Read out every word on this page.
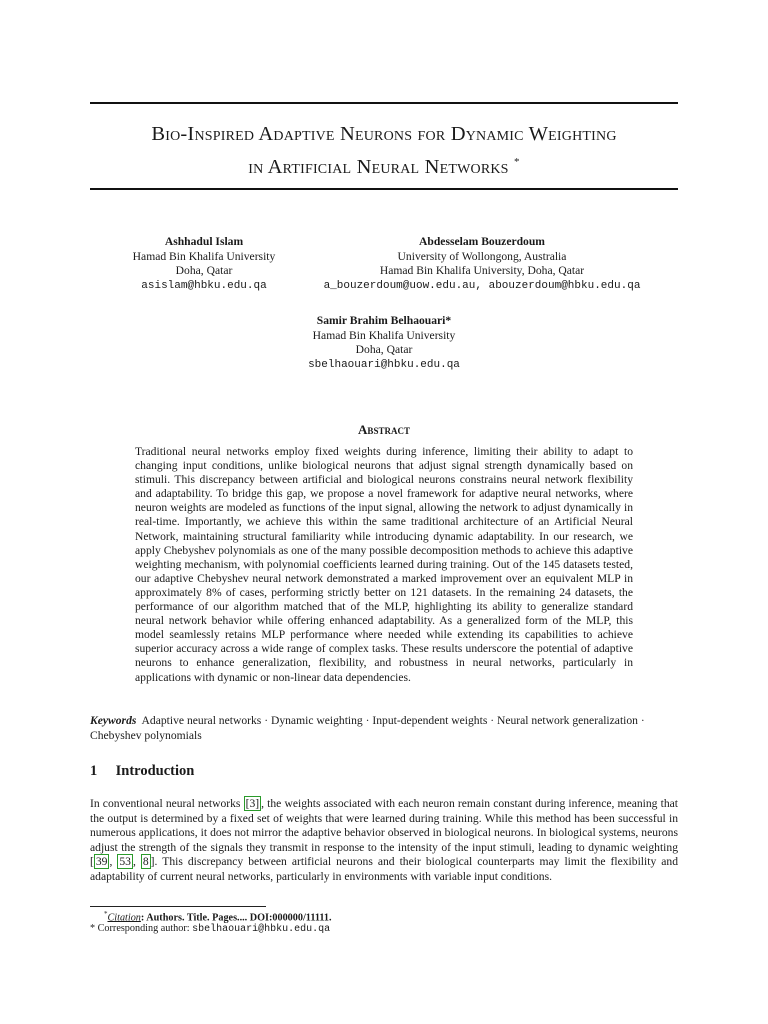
Bio-Inspired Adaptive Neurons for Dynamic Weighting
in Artificial Neural Networks *
Ashhadul Islam
Hamad Bin Khalifa University
Doha, Qatar
asislam@hbku.edu.qa
Abdesselam Bouzerdoum
University of Wollongong, Australia
Hamad Bin Khalifa University, Doha, Qatar
a_bouzerdoum@uow.edu.au, abouzerdoum@hbku.edu.qa
Samir Brahim Belhaouari*
Hamad Bin Khalifa University
Doha, Qatar
sbelhaouari@hbku.edu.qa
Abstract

Traditional neural networks employ fixed weights during inference, limiting their ability to adapt to changing input conditions, unlike biological neurons that adjust signal strength dynamically based on stimuli. This discrepancy between artificial and biological neurons constrains neural network flexibility and adaptability. To bridge this gap, we propose a novel framework for adaptive neural networks, where neuron weights are modeled as functions of the input signal, allowing the network to adjust dynamically in real-time. Importantly, we achieve this within the same traditional architecture of an Artificial Neural Network, maintaining structural familiarity while introducing dynamic adaptability. In our research, we apply Chebyshev polynomials as one of the many possible decomposition methods to achieve this adaptive weighting mechanism, with polynomial coefficients learned during training. Out of the 145 datasets tested, our adaptive Chebyshev neural network demonstrated a marked improvement over an equivalent MLP in approximately 8% of cases, performing strictly better on 121 datasets. In the remaining 24 datasets, the performance of our algorithm matched that of the MLP, highlighting its ability to generalize standard neural network behavior while offering enhanced adaptability. As a generalized form of the MLP, this model seamlessly retains MLP performance where needed while extending its capabilities to achieve superior accuracy across a wide range of complex tasks. These results underscore the potential of adaptive neurons to enhance generalization, flexibility, and robustness in neural networks, particularly in applications with dynamic or non-linear data dependencies.

Keywords Adaptive neural networks · Dynamic weighting · Input-dependent weights · Neural network generalization · Chebyshev polynomials

1 Introduction

In conventional neural networks [3] , the weights associated with each neuron remain constant during inference, meaning that the output is determined by a fixed set of weights that were learned during training. While this method has been successful in numerous applications, it does not mirror the adaptive behavior observed in biological neurons. In biological systems, neurons adjust the strength of the signals they transmit in response to the intensity of the input stimuli, leading to dynamic weighting [ 39 , 53 , 8 ]. This discrepancy between artificial neurons and their biological counterparts may limit the flexibility and adaptability of current neural networks, particularly in environments with variable input conditions.

*Citation: Authors. Title. Pages.... DOI:000000/11111.
* Corresponding author: sbelhaouari@hbku.edu.qa
